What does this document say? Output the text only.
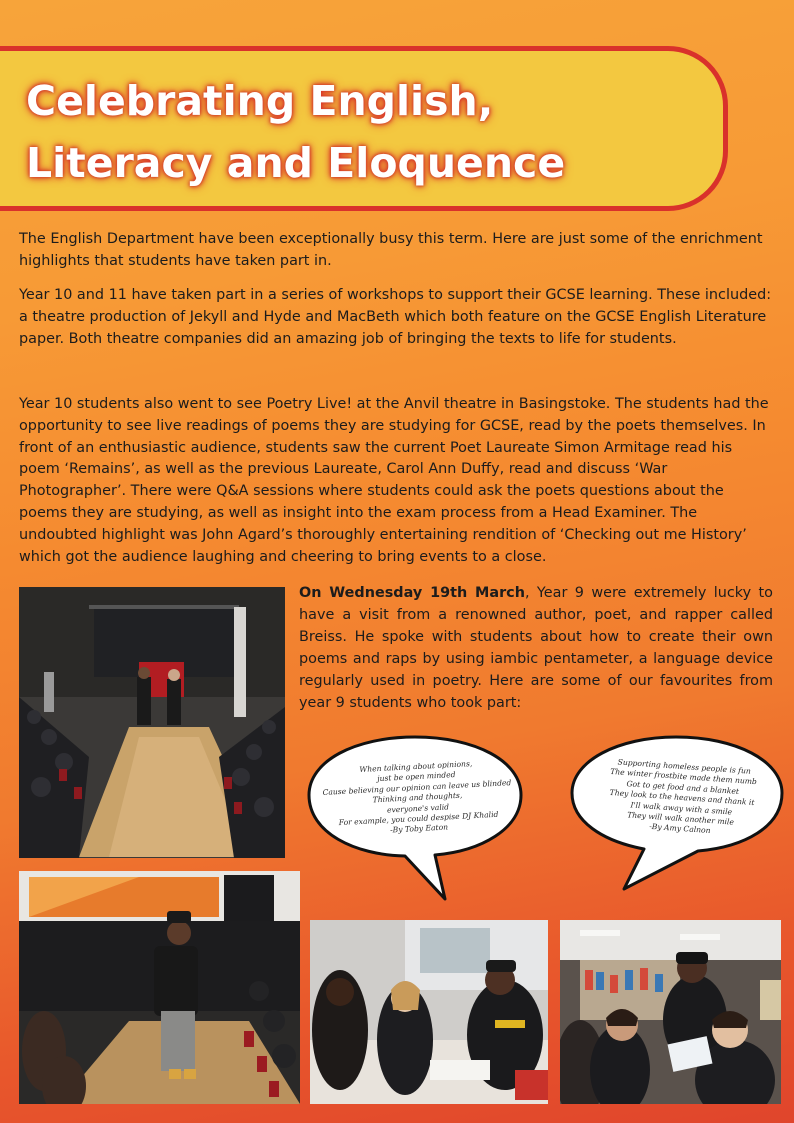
Celebrating English,
Literacy and Eloquence

The English Department have been exceptionally busy this term. Here are just some of the enrichment highlights that students have taken part in.

Year 10 and 11 have taken part in a series of workshops to support their GCSE learning. These included: a theatre production of Jekyll and Hyde and MacBeth which both feature on the GCSE English Literature paper. Both theatre companies did an amazing job of bringing the texts to life for students.

Year 10 students also went to see Poetry Live! at the Anvil theatre in Basingstoke. The students had the opportunity to see live readings of poems they are studying for GCSE, read by the poets themselves. In front of an enthusiastic audience, students saw the current Poet Laureate Simon Armitage read his poem ‘Remains’, as well as the previous Laureate, Carol Ann Duffy, read and discuss ‘War Photographer’. There were Q&A sessions where students could ask the poets questions about the poems they are studying, as well as insight into the exam process from a Head Examiner. The undoubted highlight was John Agard’s thoroughly entertaining rendition of ‘Checking out me History’ which got the audience laughing and cheering to bring events to a close.

On Wednesday 19th March, Year 9 were extremely lucky to have a visit from a renowned author, poet, and rapper called Breiss. He spoke with students about how to create their own poems and raps by using iambic pentameter, a language device regularly used in poetry. Here are some of our favourites from year 9 students who took part:

When talking about opinions,
just be open minded
Cause believing our opinion can leave us blinded
Thinking and thoughts,
everyone's valid
For example, you could despise DJ Khalid
-By Toby Eaton
Supporting homeless people is fun
The winter frostbite made them numb
Got to get food and a blanket
They look to the heavens and thank it
I'll walk away with a smile
They will walk another mile
-By Amy Calnon
